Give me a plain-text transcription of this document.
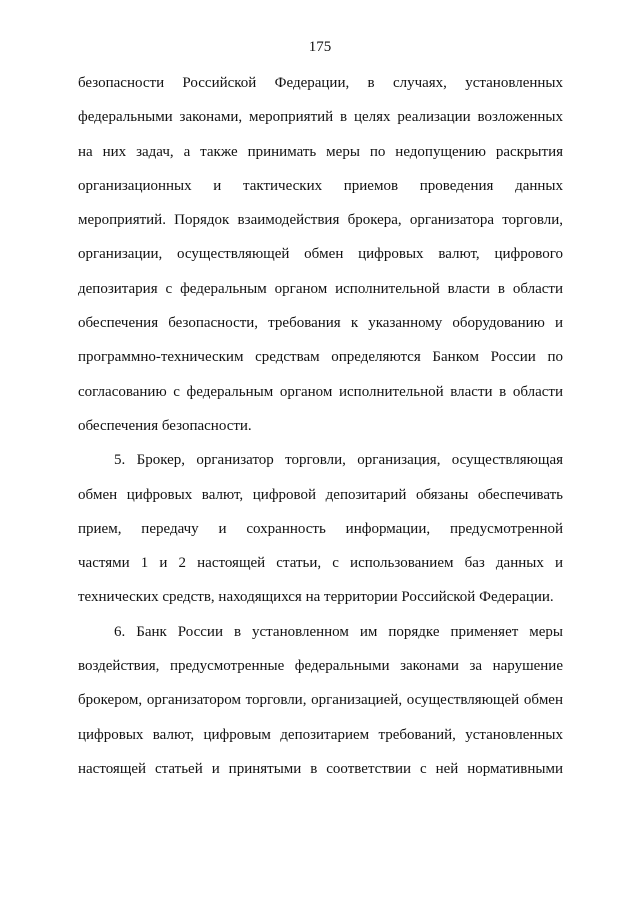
175

безопасности Российской Федерации, в случаях, установленных
федеральными законами, мероприятий в целях реализации возложенных
на них задач, а также принимать меры по недопущению раскрытия
организационных и тактических приемов проведения данных
мероприятий. Порядок взаимодействия брокера, организатора торговли,
организации, осуществляющей обмен цифровых валют, цифрового
депозитария с федеральным органом исполнительной власти в области
обеспечения безопасности, требования к указанному оборудованию и
программно-техническим средствам определяются Банком России по
согласованию с федеральным органом исполнительной власти в области
обеспечения безопасности.

5. Брокер, организатор торговли, организация, осуществляющая
обмен цифровых валют, цифровой депозитарий обязаны обеспечивать
прием, передачу и сохранность информации, предусмотренной
частями 1 и 2 настоящей статьи, с использованием баз данных и
технических средств, находящихся на территории Российской Федерации.

6. Банк России в установленном им порядке применяет меры
воздействия, предусмотренные федеральными законами за нарушение
брокером, организатором торговли, организацией, осуществляющей обмен
цифровых валют, цифровым депозитарием требований, установленных
настоящей статьей и принятыми в соответствии с ней нормативными
